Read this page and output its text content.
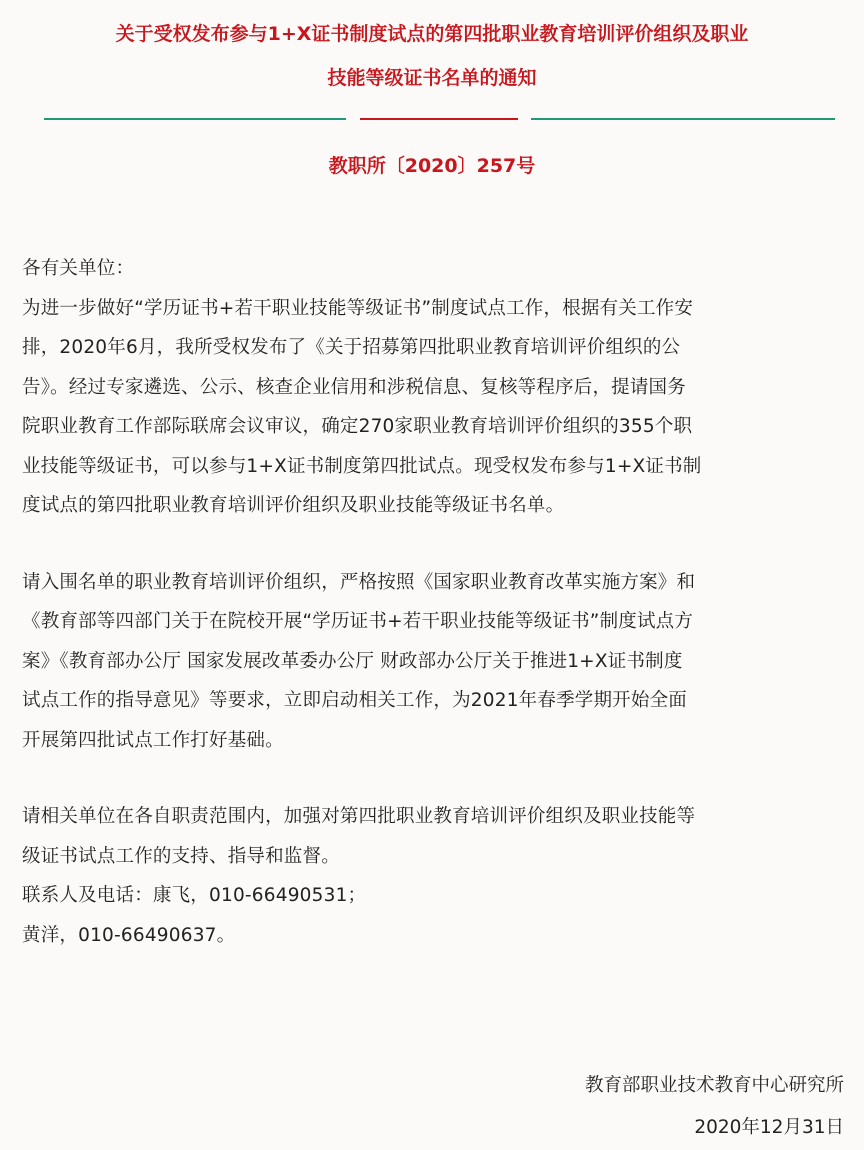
关于受权发布参与1+X证书制度试点的第四批职业教育培训评价组织及职业
技能等级证书名单的通知
教职所〔2020〕257号
各有关单位：
为进一步做好“学历证书+若干职业技能等级证书”制度试点工作，根据有关工作安
排，2020年6月，我所受权发布了《关于招募第四批职业教育培训评价组织的公
告》。经过专家遴选、公示、核查企业信用和涉税信息、复核等程序后，提请国务
院职业教育工作部际联席会议审议，确定270家职业教育培训评价组织的355个职
业技能等级证书，可以参与1+X证书制度第四批试点。现受权发布参与1+X证书制
度试点的第四批职业教育培训评价组织及职业技能等级证书名单。
请入围名单的职业教育培训评价组织，严格按照《国家职业教育改革实施方案》和
《教育部等四部门关于在院校开展“学历证书+若干职业技能等级证书”制度试点方
案》《教育部办公厅 国家发展改革委办公厅 财政部办公厅关于推进1+X证书制度
试点工作的指导意见》等要求，立即启动相关工作，为2021年春季学期开始全面
开展第四批试点工作打好基础。
请相关单位在各自职责范围内，加强对第四批职业教育培训评价组织及职业技能等
级证书试点工作的支持、指导和监督。
联系人及电话：康飞，010-66490531；
黄洋，010-66490637。
教育部职业技术教育中心研究所
2020年12月31日
